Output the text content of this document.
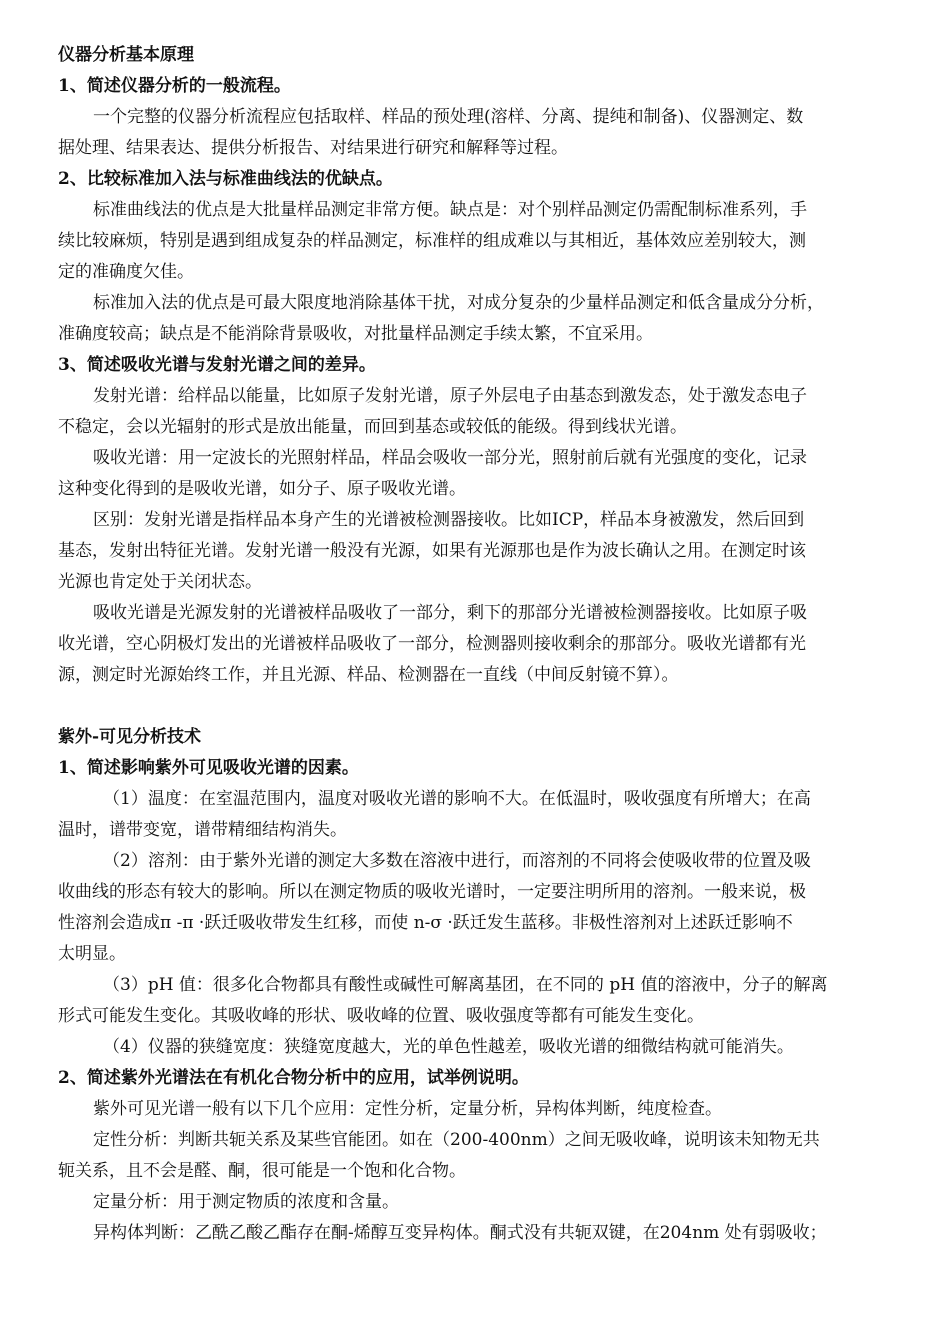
仪器分析基本原理
1、简述仪器分析的一般流程。
一个完整的仪器分析流程应包括取样、样品的预处理(溶样、分离、提纯和制备)、仪器测定、数
据处理、结果表达、提供分析报告、对结果进行研究和解释等过程。
2、比较标准加入法与标准曲线法的优缺点。
标准曲线法的优点是大批量样品测定非常方便。缺点是：对个别样品测定仍需配制标准系列，手
续比较麻烦，特别是遇到组成复杂的样品测定，标准样的组成难以与其相近，基体效应差别较大，测
定的准确度欠佳。
标准加入法的优点是可最大限度地消除基体干扰，对成分复杂的少量样品测定和低含量成分分析，
准确度较高；缺点是不能消除背景吸收，对批量样品测定手续太繁，不宜采用。
3、简述吸收光谱与发射光谱之间的差异。
发射光谱：给样品以能量，比如原子发射光谱，原子外层电子由基态到激发态，处于激发态电子
不稳定，会以光辐射的形式是放出能量，而回到基态或较低的能级。得到线状光谱。
吸收光谱：用一定波长的光照射样品，样品会吸收一部分光，照射前后就有光强度的变化，记录
这种变化得到的是吸收光谱，如分子、原子吸收光谱。
区别：发射光谱是指样品本身产生的光谱被检测器接收。比如ICP，样品本身被激发，然后回到
基态，发射出特征光谱。发射光谱一般没有光源，如果有光源那也是作为波长确认之用。在测定时该
光源也肯定处于关闭状态。
吸收光谱是光源发射的光谱被样品吸收了一部分，剩下的那部分光谱被检测器接收。比如原子吸
收光谱，空心阴极灯发出的光谱被样品吸收了一部分，检测器则接收剩余的那部分。吸收光谱都有光
源，测定时光源始终工作，并且光源、样品、检测器在一直线（中间反射镜不算）。
紫外-可见分析技术
1、简述影响紫外可见吸收光谱的因素。
（1）温度：在室温范围内，温度对吸收光谱的影响不大。在低温时，吸收强度有所增大；在高
温时，谱带变宽，谱带精细结构消失。
（2）溶剂：由于紫外光谱的测定大多数在溶液中进行，而溶剂的不同将会使吸收带的位置及吸
收曲线的形态有较大的影响。所以在测定物质的吸收光谱时，一定要注明所用的溶剂。一般来说，极
性溶剂会造成π -π ·跃迁吸收带发生红移，而使 n-σ ·跃迁发生蓝移。非极性溶剂对上述跃迁影响不
太明显。
（3）pH 值：很多化合物都具有酸性或碱性可解离基团，在不同的 pH 值的溶液中，分子的解离
形式可能发生变化。其吸收峰的形状、吸收峰的位置、吸收强度等都有可能发生变化。
（4）仪器的狭缝宽度：狭缝宽度越大，光的单色性越差，吸收光谱的细微结构就可能消失。
2、简述紫外光谱法在有机化合物分析中的应用，试举例说明。
紫外可见光谱一般有以下几个应用：定性分析，定量分析，异构体判断，纯度检查。
定性分析：判断共轭关系及某些官能团。如在（200-400nm）之间无吸收峰，说明该未知物无共
轭关系，且不会是醛、酮，很可能是一个饱和化合物。
定量分析：用于测定物质的浓度和含量。
异构体判断：乙酰乙酸乙酯存在酮-烯醇互变异构体。酮式没有共轭双键，在204nm 处有弱吸收；
